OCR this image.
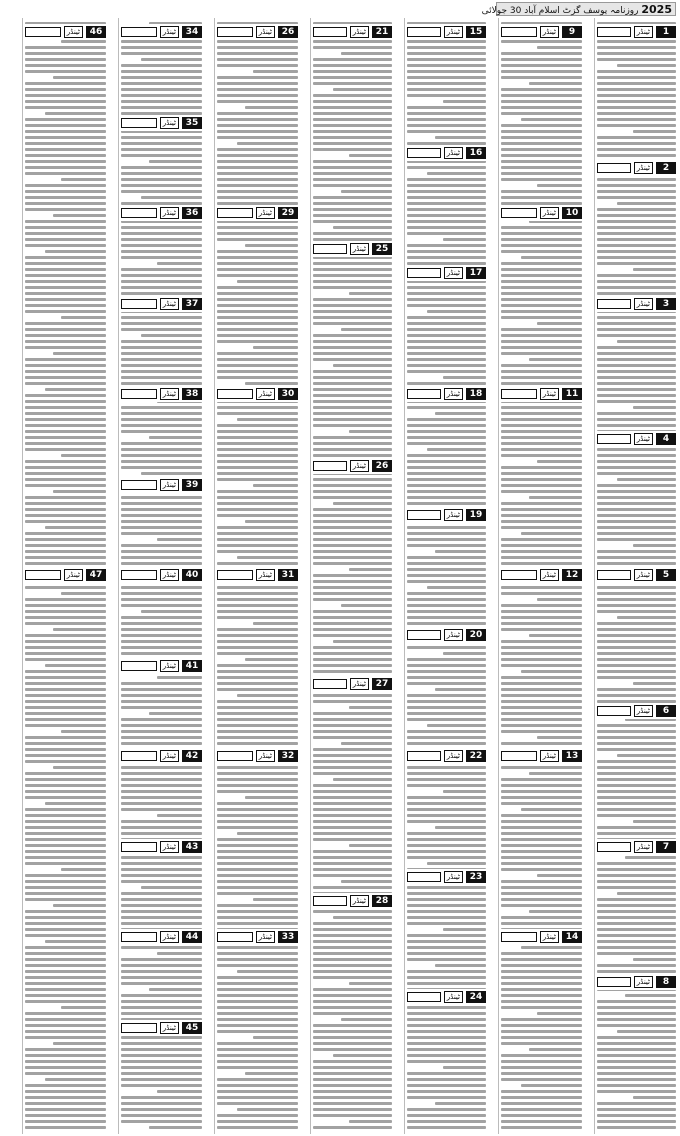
2025 روزنامہ یوسف گزٹ اسلام آباد 30 جولائی
ٹینڈر	1
ٹینڈر	2
ٹینڈر	3
ٹینڈر	4
ٹینڈر	5
ٹینڈر	6
ٹینڈر	7
ٹینڈر	8
ٹینڈر	9
ٹینڈر	10
ٹینڈر	11
ٹینڈر	12
ٹینڈر	13
ٹینڈر	14
ٹینڈر	15
ٹینڈر	16
ٹینڈر	17
ٹینڈر	18
ٹینڈر	19
ٹینڈر	20
ٹینڈر	22
ٹینڈر	23
ٹینڈر	24
ٹینڈر	21
ٹینڈر	25
ٹینڈر	26
ٹینڈر	27
ٹینڈر	28
ٹینڈر	26
ٹینڈر	29
ٹینڈر	30
ٹینڈر	31
ٹینڈر	32
ٹینڈر	33
ٹینڈر	34
ٹینڈر	35
ٹینڈر	36
ٹینڈر	37
ٹینڈر	38
ٹینڈر	39
ٹینڈر	40
ٹینڈر	41
ٹینڈر	42
ٹینڈر	43
ٹینڈر	44
ٹینڈر	45
ٹینڈر	46
ٹینڈر	47
